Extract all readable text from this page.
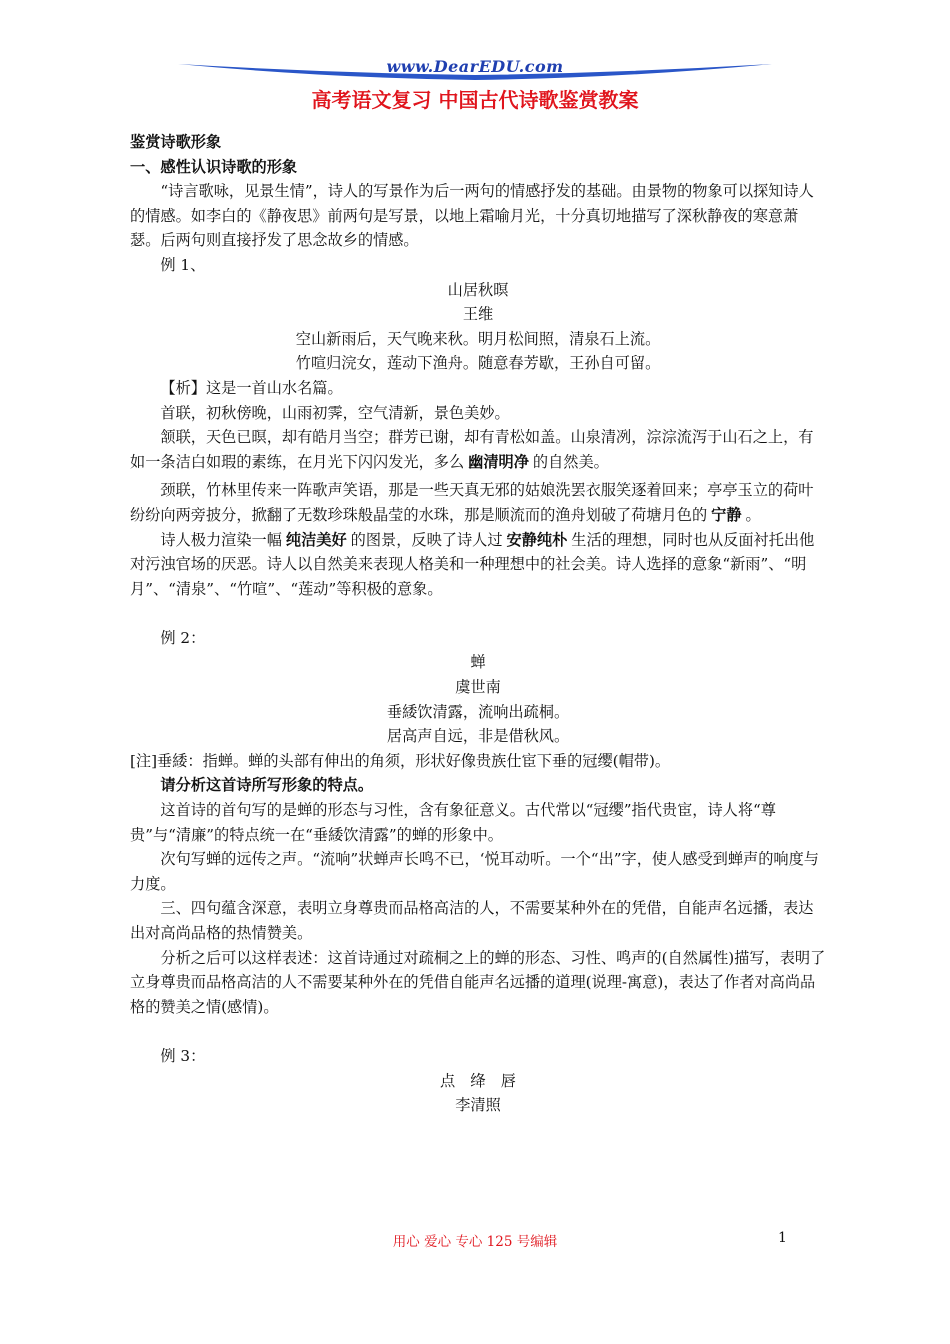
www.DearEDU.com
高考语文复习 中国古代诗歌鉴赏教案

鉴赏诗歌形象

一、感性认识诗歌的形象

“诗言歌咏，见景生情”，诗人的写景作为后一两句的情感抒发的基础。由景物的物象可以探知诗人的情感。如李白的《静夜思》前两句是写景，以地上霜喻月光，十分真切地描写了深秋静夜的寒意萧瑟。后两句则直接抒发了思念故乡的情感。

例 1、

山居秋暝

王维

空山新雨后，天气晚来秋。明月松间照，清泉石上流。

竹喧归浣女，莲动下渔舟。随意春芳歇，王孙自可留。

【析】这是一首山水名篇。

首联，初秋傍晚，山雨初霁，空气清新，景色美妙。

颔联，天色已暝，却有皓月当空；群芳已谢，却有青松如盖。山泉清冽，淙淙流泻于山石之上，有如一条洁白如瑕的素练，在月光下闪闪发光，多么 幽清明净 的自然美。

颈联，竹林里传来一阵歌声笑语，那是一些天真无邪的姑娘洗罢衣服笑逐着回来；亭亭玉立的荷叶纷纷向两旁披分，掀翻了无数珍珠般晶莹的水珠，那是顺流而的渔舟划破了荷塘月色的 宁静 。

诗人极力渲染一幅 纯洁美好 的图景，反映了诗人过 安静纯朴 生活的理想，同时也从反面衬托出他对污浊官场的厌恶。诗人以自然美来表现人格美和一种理想中的社会美。诗人选择的意象“新雨”、“明月”、“清泉”、“竹喧”、“莲动”等积极的意象。

例 2：

蝉

虞世南

垂緌饮清露，流响出疏桐。

居高声自远，非是借秋风。

[注]垂緌：指蝉。蝉的头部有伸出的角须，形状好像贵族仕宦下垂的冠缨(帽带)。

请分析这首诗所写形象的特点。

这首诗的首句写的是蝉的形态与习性，含有象征意义。古代常以“冠缨”指代贵宦，诗人将“尊贵”与“清廉”的特点统一在“垂緌饮清露”的蝉的形象中。

次句写蝉的远传之声。“流响”状蝉声长鸣不已，‘悦耳动听。一个“出”字，使人感受到蝉声的响度与力度。

三、四句蕴含深意，表明立身尊贵而品格高洁的人，不需要某种外在的凭借，自能声名远播，表达出对高尚品格的热情赞美。

分析之后可以这样表述：这首诗通过对疏桐之上的蝉的形态、习性、鸣声的(自然属性)描写，表明了立身尊贵而品格高洁的人不需要某种外在的凭借自能声名远播的道理(说理-寓意)，表达了作者对高尚品格的赞美之情(感情)。

例 3：

点　绛　唇

李清照

用心 爱心 专心 125 号编辑	1
